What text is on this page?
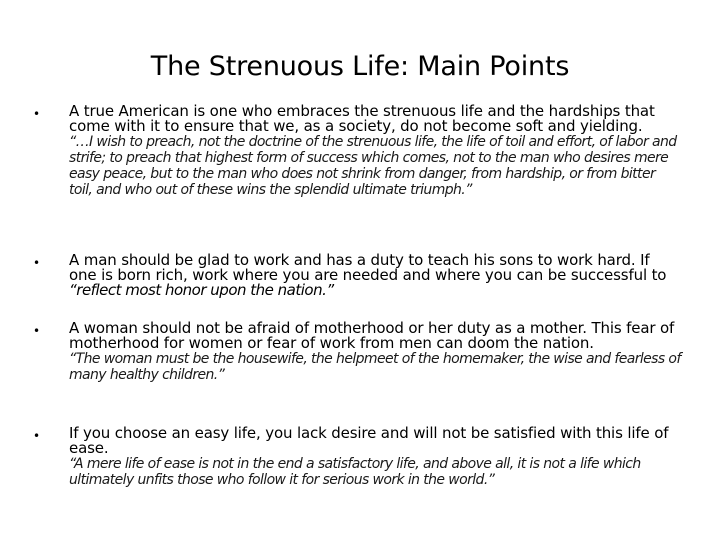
The Strenuous Life: Main Points
• A true American is one who embraces the strenuous life and the hardships that come with it to ensure that we, as a society, do not become soft and yielding.
“…I wish to preach, not the doctrine of the strenuous life, the life of toil and effort, of labor and strife; to preach that highest form of success which comes, not to the man who desires mere easy peace, but to the man who does not shrink from danger, from hardship, or from bitter toil, and who out of these wins the splendid ultimate triumph.”
• A man should be glad to work and has a duty to teach his sons to work hard. If one is born rich, work where you are needed and where you can be successful to “reflect most honor upon the nation.”
• A woman should not be afraid of motherhood or her duty as a mother. This fear of motherhood for women or fear of work from men can doom the nation.
“The woman must be the housewife, the helpmeet of the homemaker, the wise and fearless of many healthy children.”
• If you choose an easy life, you lack desire and will not be satisfied with this life of ease.
“A mere life of ease is not in the end a satisfactory life, and above all, it is not a life which ultimately unfits those who follow it for serious work in the world.”
